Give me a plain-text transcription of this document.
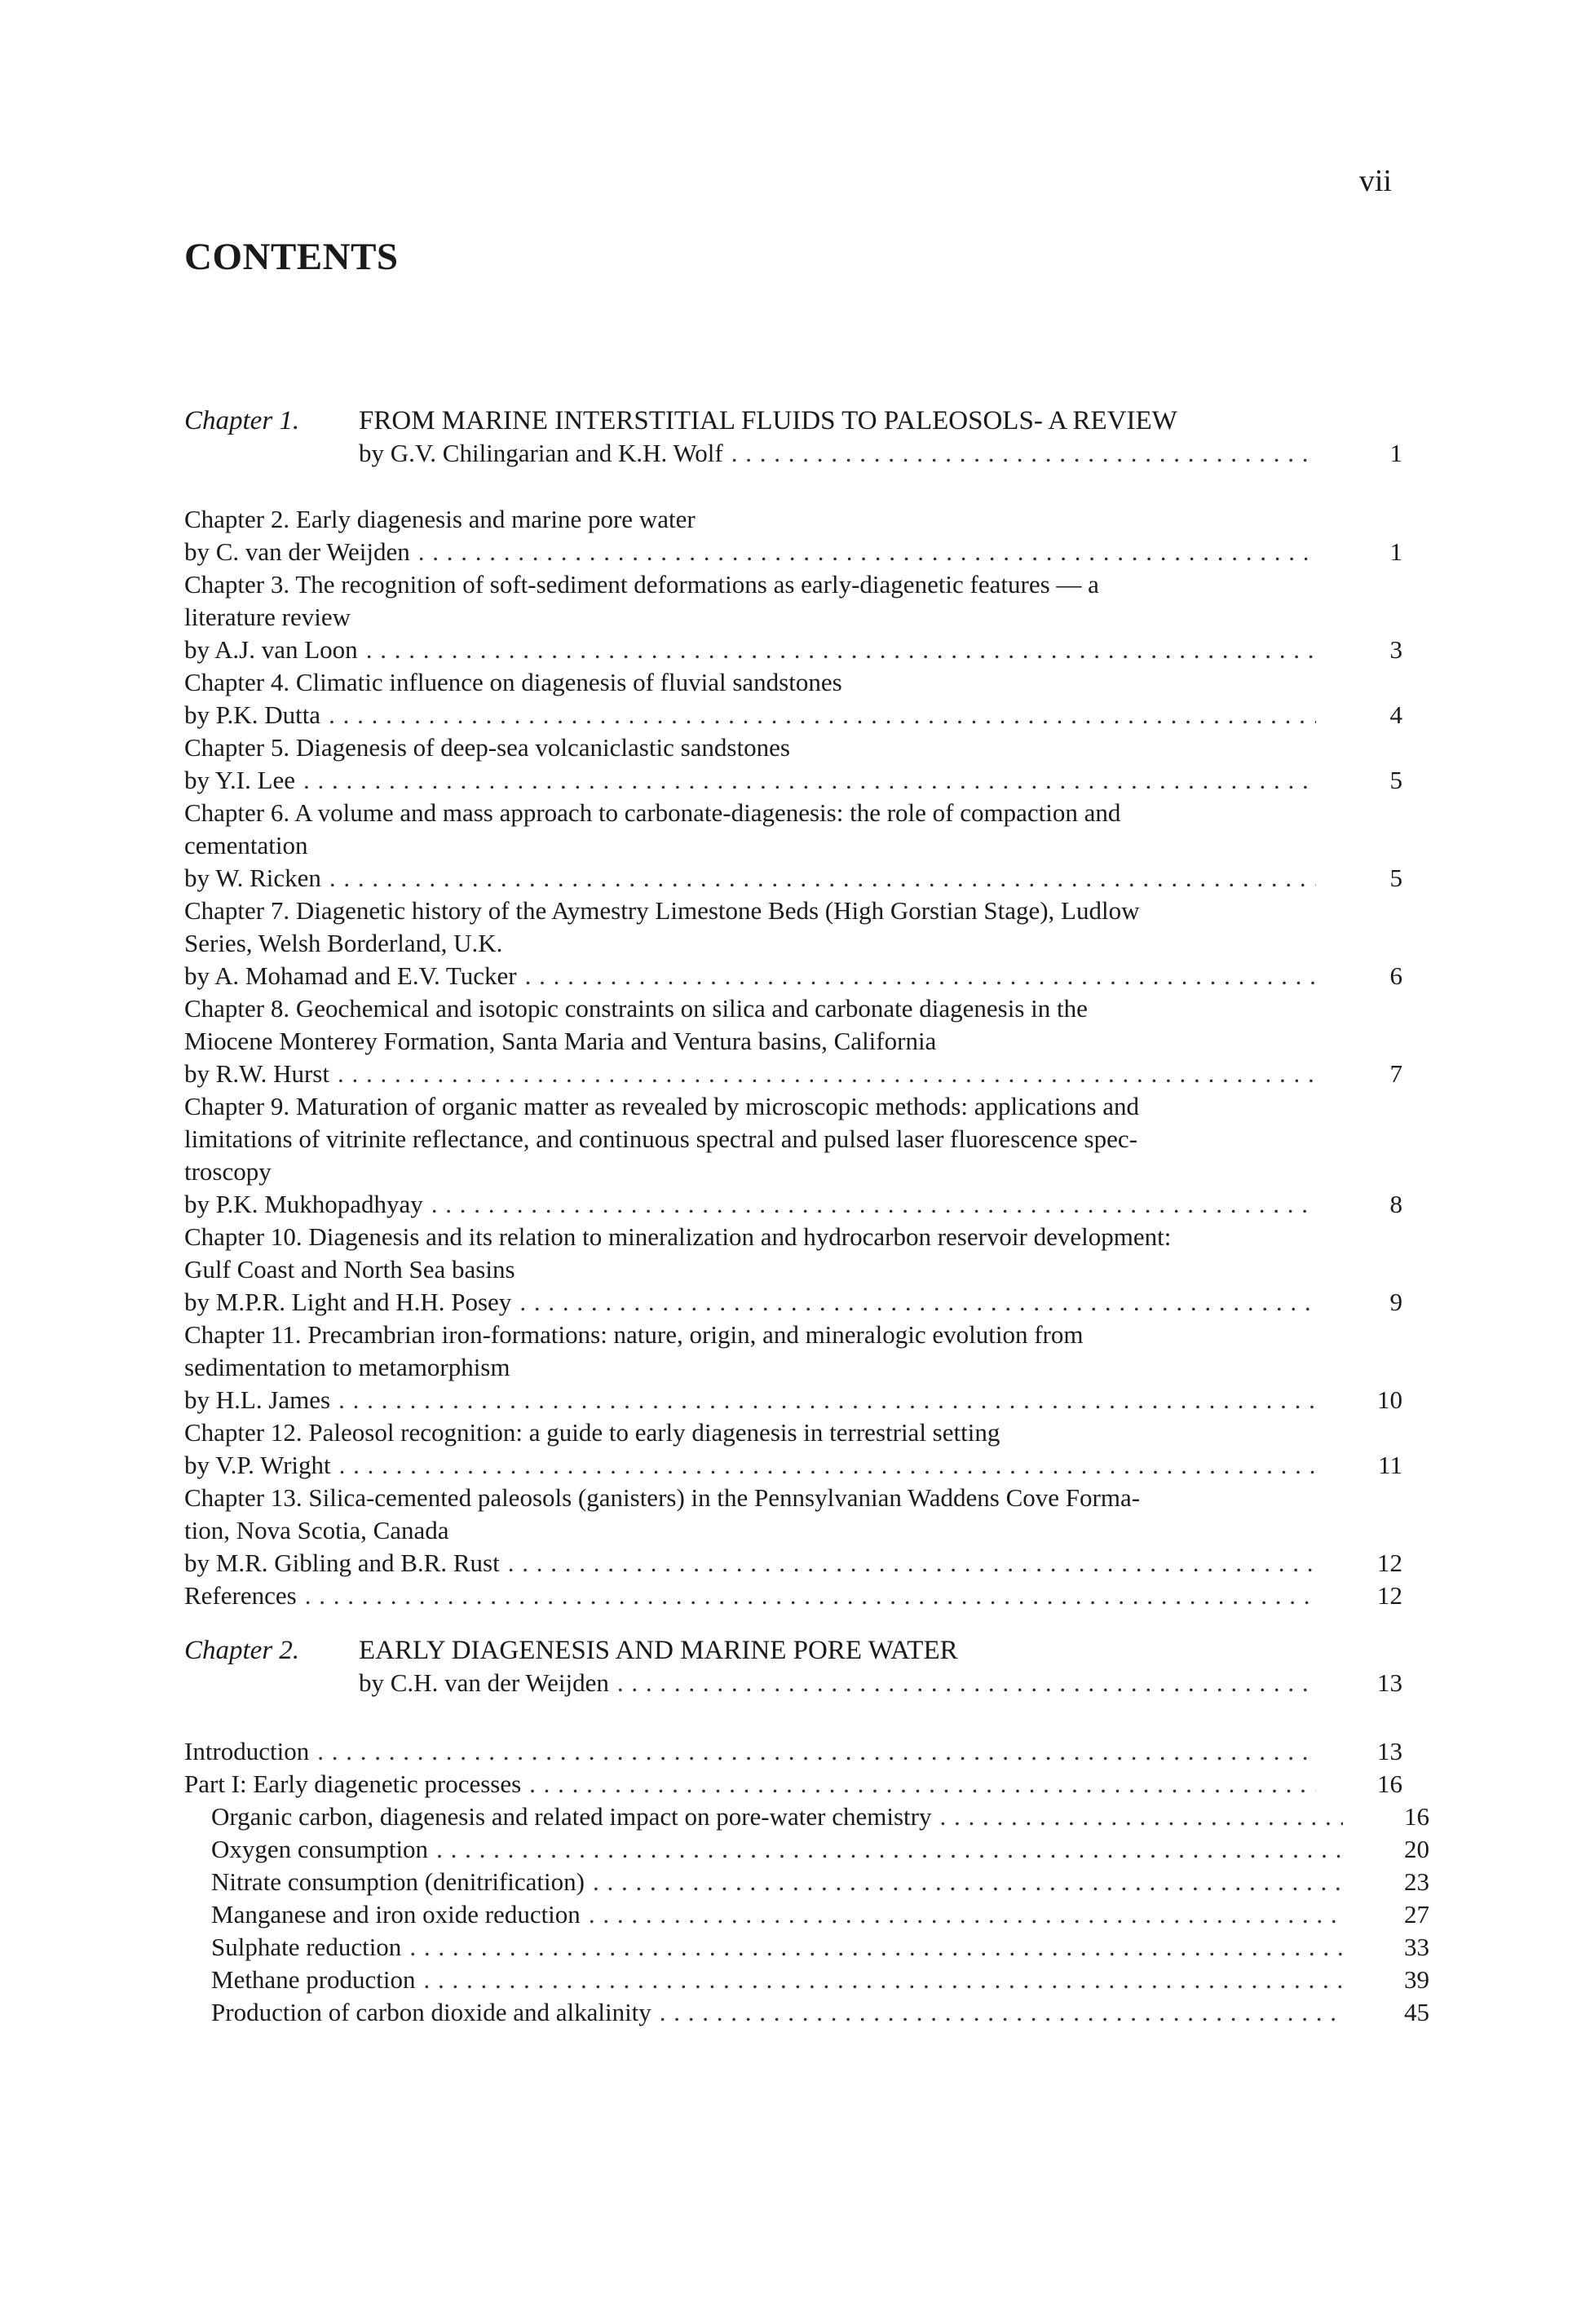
vii
CONTENTS
Chapter 1.	FROM MARINE INTERSTITIAL FLUIDS TO PALEOSOLS- A REVIEW
by G.V. Chilingarian and K.H. Wolf . . .	1
Chapter 2. Early diagenesis and marine pore water
by C. van der Weijden . . .	1
Chapter 3. The recognition of soft-sediment deformations as early-diagenetic features — a
literature review
by A.J. van Loon . . .	3
Chapter 4. Climatic influence on diagenesis of fluvial sandstones
by P.K. Dutta . . .	4
Chapter 5. Diagenesis of deep-sea volcaniclastic sandstones
by Y.I. Lee . . .	5
Chapter 6. A volume and mass approach to carbonate-diagenesis: the role of compaction and
cementation
by W. Ricken . . .	5
Chapter 7. Diagenetic history of the Aymestry Limestone Beds (High Gorstian Stage), Ludlow
Series, Welsh Borderland, U.K.
by A. Mohamad and E.V. Tucker . . .	6
Chapter 8. Geochemical and isotopic constraints on silica and carbonate diagenesis in the
Miocene Monterey Formation, Santa Maria and Ventura basins, California
by R.W. Hurst . . .	7
Chapter 9. Maturation of organic matter as revealed by microscopic methods: applications and
limitations of vitrinite reflectance, and continuous spectral and pulsed laser fluorescence spec-
troscopy
by P.K. Mukhopadhyay . . .	8
Chapter 10. Diagenesis and its relation to mineralization and hydrocarbon reservoir development:
Gulf Coast and North Sea basins
by M.P.R. Light and H.H. Posey . . .	9
Chapter 11. Precambrian iron-formations: nature, origin, and mineralogic evolution from
sedimentation to metamorphism
by H.L. James . . .	10
Chapter 12. Paleosol recognition: a guide to early diagenesis in terrestrial setting
by V.P. Wright . . .	11
Chapter 13. Silica-cemented paleosols (ganisters) in the Pennsylvanian Waddens Cove Forma-
tion, Nova Scotia, Canada
by M.R. Gibling and B.R. Rust . . .	12
References . . .	12
Chapter 2.	EARLY DIAGENESIS AND MARINE PORE WATER
by C.H. van der Weijden . . .	13
Introduction . . .	13
Part I: Early diagenetic processes . . .	16
Organic carbon, diagenesis and related impact on pore-water chemistry . . .	16
Oxygen consumption . . .	20
Nitrate consumption (denitrification) . . .	23
Manganese and iron oxide reduction . . .	27
Sulphate reduction . . .	33
Methane production . . .	39
Production of carbon dioxide and alkalinity . . .	45
